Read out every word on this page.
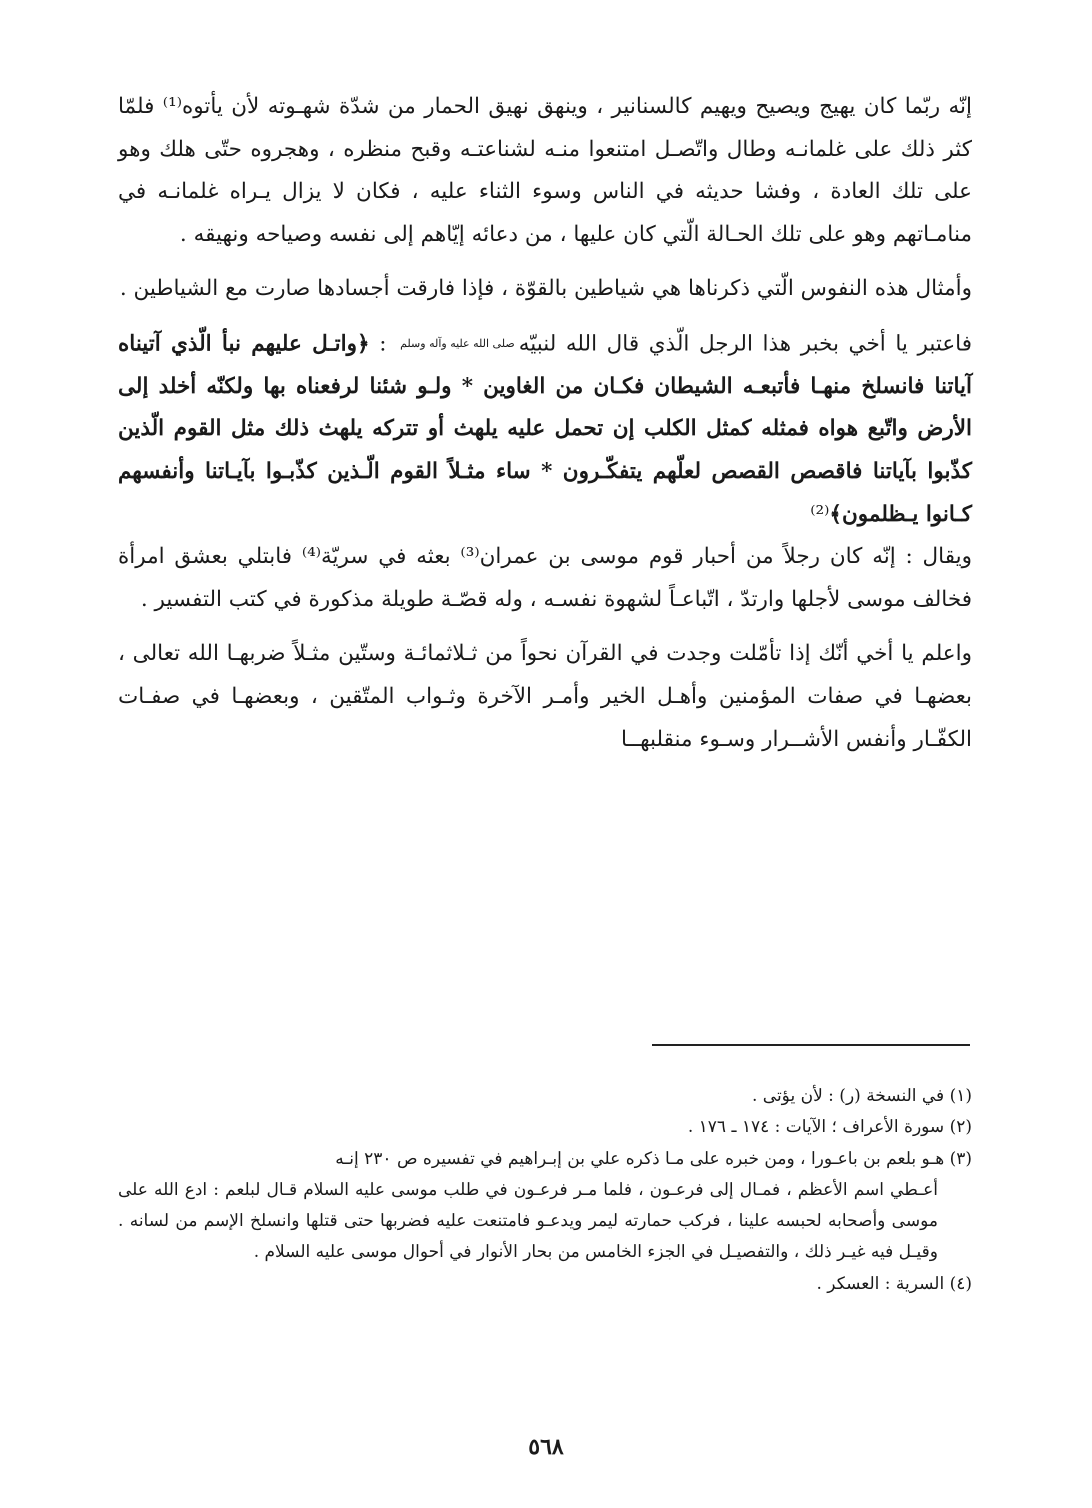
إنّه ربّما كان يهيج ويصيح ويهيم كالسنانير ، وينهق نهيق الحمار من شدّة شهـوته لأن يأتوه⁽¹⁾ فلمّا كثر ذلك على غلمانـه وطال واتّصـل امتنعوا منـه لشناعتـه وقبح منظره ، وهجروه حتّى هلك وهو على تلك العادة ، وفشا حديثه في الناس وسوء الثناء عليه ، فكان لا يزال يـراه غلمانـه في منامـاتهم وهو على تلك الحـالة الّتي كان عليها ، من دعائه إيّاهم إلى نفسه وصياحه ونهيقه .

وأمثال هذه النفوس الّتي ذكرناها هي شياطين بالقوّة ، فإذا فارقت أجسادها صارت مع الشياطين .

فاعتبر يا أخي بخبر هذا الرجل الّذي قال الله لنبيّهصلى الله عليه وآله وسلم : ﴿واتـل عليهم نبأ الّذي آتيناه آياتنا فانسلخ منهـا فأتبعـه الشيطان فكـان من الغاوين * ولـو شئنا لرفعناه بها ولكنّه أخلد إلى الأرض واتّبع هواه فمثله كمثل الكلب إن تحمل عليه يلهث أو تتركه يلهث ذلك مثل القوم الّذين كذّبوا بآياتنا فاقصص القصص لعلّهم يتفكّـرون * ساء مثـلاً القوم الّـذين كذّبـوا بآيـاتنا وأنفسهم كـانوا يـظلمون﴾⁽²⁾

ويقال : إنّه كان رجلاً من أحبار قوم موسى بن عمران⁽³⁾ بعثه في سريّة⁽⁴⁾ فابتلي بعشق امرأة فخالف موسى لأجلها وارتدّ ، اتّباعـاً لشهوة نفسـه ، وله قصّـة طويلة مذكورة في كتب التفسير .

واعلم يا أخي أنّك إذا تأمّلت وجدت في القرآن نحواً من ثـلاثمائـة وستّين مثـلاً ضربهـا الله تعالى ، بعضهـا في صفات المؤمنين وأهـل الخير وأمـر الآخرة وثـواب المتّقين ، وبعضهـا في صفـات الكفّـار وأنفس الأشــرار وسـوء منقلبهــا

(١) في النسخة (ر) : لأن يؤتى .

(٢) سورة الأعراف ؛ الآيات : ١٧٤ ـ ١٧٦ .

(٣) هـو بلعم بن باعـورا ، ومن خبره على مـا ذكره علي بن إبـراهيم في تفسيره ص ٢٣٠ إنـه

أعـطي اسم الأعظم ، فمـال إلى فرعـون ، فلما مـر فرعـون في طلب موسى عليه السلام قـال لبلعم : ادع الله على موسى وأصحابه لحبسه علينا ، فركب حمارته ليمر ويدعـو فامتنعت عليه فضربها حتى قتلها وانسلخ الإسم من لسانه . وقيـل فيه غيـر ذلك ، والتفصيـل في الجزء الخامس من بحار الأنوار في أحوال موسى عليه السلام .

(٤) السرية : العسكر .

٥٦٨
